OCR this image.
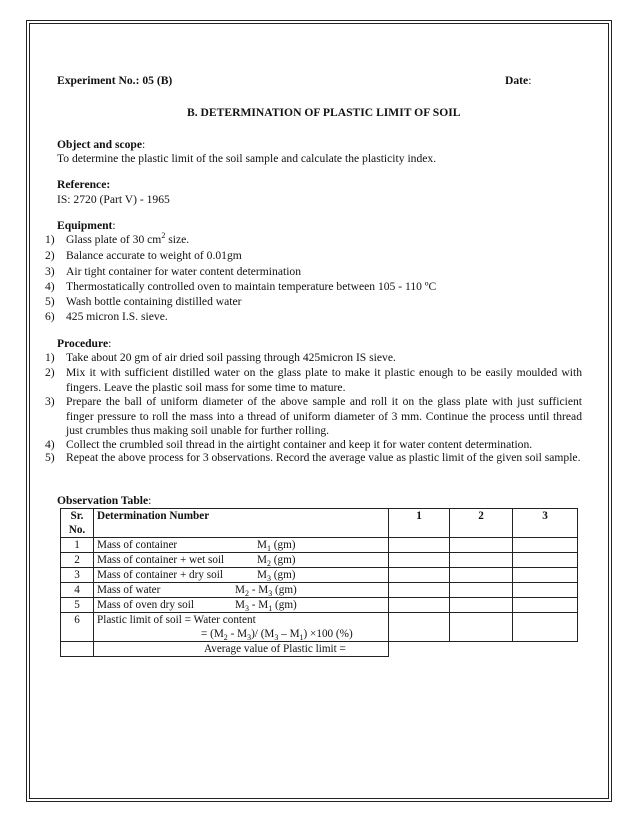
Experiment No.: 05 (B)	Date:
B. DETERMINATION OF PLASTIC LIMIT OF SOIL
Object and scope:
To determine the plastic limit of the soil sample and calculate the plasticity index.
Reference:
IS: 2720 (Part V) - 1965
Equipment:
1) Glass plate of 30 $cm^2$ size.
2) Balance accurate to weight of 0.01gm
3) Air tight container for water content determination
4) Thermostatically controlled oven to maintain temperature between 105 - 110 ºC
5) Wash bottle containing distilled water
6) 425 micron I.S. sieve.
Procedure:
1) Take about 20 gm of air dried soil passing through 425micron IS sieve.
2) Mix it with sufficient distilled water on the glass plate to make it plastic enough to be easily moulded with fingers. Leave the plastic soil mass for some time to mature.
3) Prepare the ball of uniform diameter of the above sample and roll it on the glass plate with just sufficient finger pressure to roll the mass into a thread of uniform diameter of 3 mm. Continue the process until thread just crumbles thus making soil unable for further rolling.
4) Collect the crumbled soil thread in the airtight container and keep it for water content determination.
5) Repeat the above process for 3 observations. Record the average value as plastic limit of the given soil sample.
Observation Table:
Sr. No.	Determination Number	1	2	3
1	Mass of container $M_1$ (gm)			

2	Mass of container + wet soil $M_2$ (gm)			

3	Mass of container + dry soil $M_3$ (gm)			

4	Mass of water $M_2 - M_3$ (gm)			

5	Mass of oven dry soil $M_3 - M_1$ (gm)			

6	Plastic limit of soil = Water content
= $(M_2 - M_3)/$ $(M_3 - M_1) \times 100$ (%)			

	Average value of Plastic limit =			
